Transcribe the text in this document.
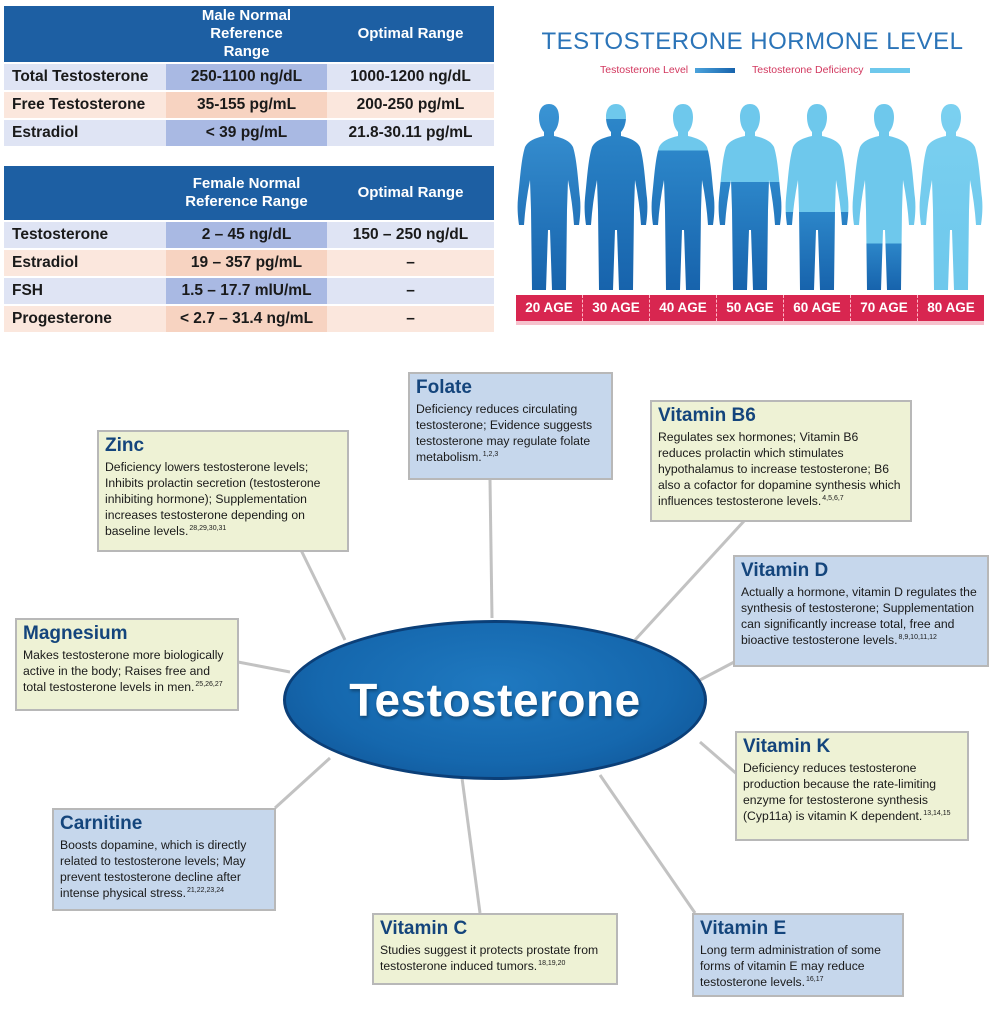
	Male Normal Reference Range	Optimal Range
Total Testosterone	250-1100 ng/dL	1000-1200 ng/dL
Free Testosterone	35-155 pg/mL	200-250 pg/mL
Estradiol	< 39 pg/mL	21.8-30.11 pg/mL
	Female Normal Reference Range	Optimal Range
Testosterone	2 – 45 ng/dL	150 – 250 ng/dL
Estradiol	19 – 357 pg/mL	–
FSH	1.5 – 17.7 mlU/mL	–
Progesterone	< 2.7 – 31.4 ng/mL	–
TESTOSTERONE HORMONE LEVEL
Testosterone Level	Testosterone Deficiency
20 AGE	30 AGE	40 AGE	50 AGE	60 AGE	70 AGE	80 AGE
Testosterone
Zinc
Deficiency lowers testosterone levels; Inhibits prolactin secretion (testosterone inhibiting hormone); Supplementation increases testosterone depending on baseline levels.$^{28,29,30,31}$
Folate
Deficiency reduces circulating testosterone; Evidence suggests testosterone may regulate folate metabolism.$^{1,2,3}$
Vitamin B6
Regulates sex hormones; Vitamin B6 reduces prolactin which stimulates hypothalamus to increase testosterone; B6 also a cofactor for dopamine synthesis which influences testosterone levels.$^{4,5,6,7}$
Vitamin D
Actually a hormone, vitamin D regulates the synthesis of testosterone; Supplementation can significantly increase total, free and bioactive testosterone levels.$^{8,9,10,11,12}$
Magnesium
Makes testosterone more biologically active in the body; Raises free and total testosterone levels in men.$^{25,26,27}$
Vitamin K
Deficiency reduces testosterone production because the rate-limiting enzyme for testosterone synthesis (Cyp11a) is vitamin K dependent.$^{13,14,15}$
Carnitine
Boosts dopamine, which is directly related to testosterone levels; May prevent testosterone decline after intense physical stress.$^{21,22,23,24}$
Vitamin C
Studies suggest it protects prostate from testosterone induced tumors.$^{18,19,20}$
Vitamin E
Long term administration of some forms of vitamin E may reduce testosterone levels.$^{16,17}$
